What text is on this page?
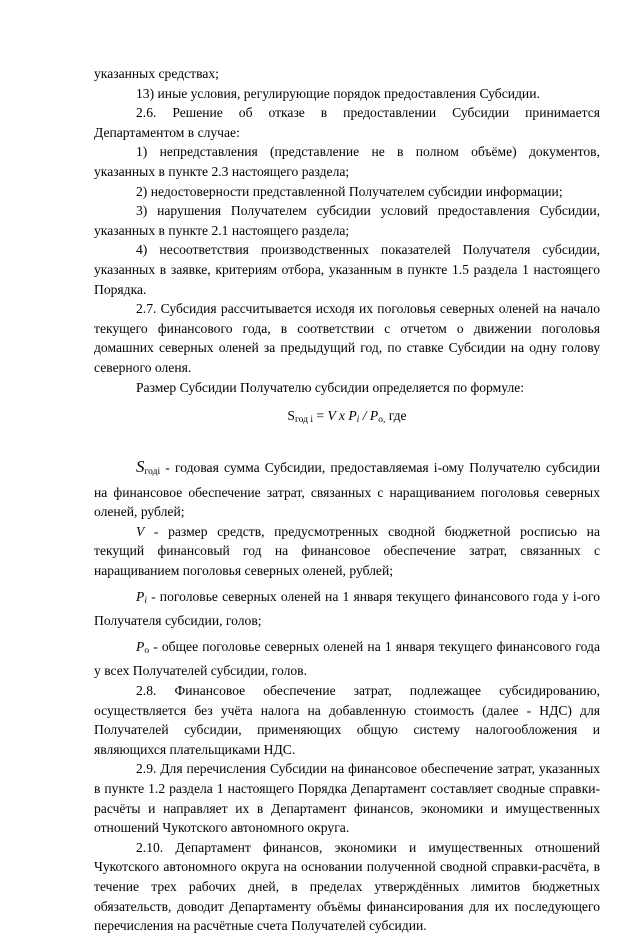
указанных средствах;

13) иные условия, регулирующие порядок предоставления Субсидии.

2.6. Решение об отказе в предоставлении Субсидии принимается Департаментом в случае:

1) непредставления (представление не в полном объёме) документов, указанных в пункте 2.3 настоящего раздела;

2) недостоверности представленной Получателем субсидии информации;

3) нарушения Получателем субсидии условий предоставления Субсидии, указанных в пункте 2.1 настоящего раздела;

4) несоответствия производственных показателей Получателя субсидии, указанных в заявке, критериям отбора, указанным в пункте 1.5 раздела 1 настоящего Порядка.

2.7. Субсидия рассчитывается исходя их поголовья северных оленей на начало текущего финансового года, в соответствии с отчетом о движении поголовья домашних северных оленей за предыдущий год, по ставке Субсидии на одну голову северного оленя.

Размер Субсидии Получателю субсидии определяется по формуле:

$S_{год i} = V$ x $P_i / P_{o,}$ где

$S_{годi}$ - годовая сумма Субсидии, предоставляемая i-ому Получателю субсидии на финансовое обеспечение затрат, связанных с наращиванием поголовья северных оленей, рублей;

V - размер средств, предусмотренных сводной бюджетной росписью на текущий финансовый год на финансовое обеспечение затрат, связанных с наращиванием поголовья северных оленей, рублей;

$P_i$ - поголовье северных оленей на 1 января текущего финансового года у i-ого Получателя субсидии, голов;

$P_o$ - общее поголовье северных оленей на 1 января текущего финансового года у всех Получателей субсидии, голов.

2.8. Финансовое обеспечение затрат, подлежащее субсидированию, осуществляется без учёта налога на добавленную стоимость (далее - НДС) для Получателей субсидии, применяющих общую систему налогообложения и являющихся плательщиками НДС.

2.9. Для перечисления Субсидии на финансовое обеспечение затрат, указанных в пункте 1.2 раздела 1 настоящего Порядка Департамент составляет сводные справки-расчёты и направляет их в Департамент финансов, экономики и имущественных отношений Чукотского автономного округа.

2.10. Департамент финансов, экономики и имущественных отношений Чукотского автономного округа на основании полученной сводной справки-расчёта, в течение трех рабочих дней, в пределах утверждённых лимитов бюджетных обязательств, доводит Департаменту объёмы финансирования для их последующего перечисления на расчётные счета Получателей субсидии.
